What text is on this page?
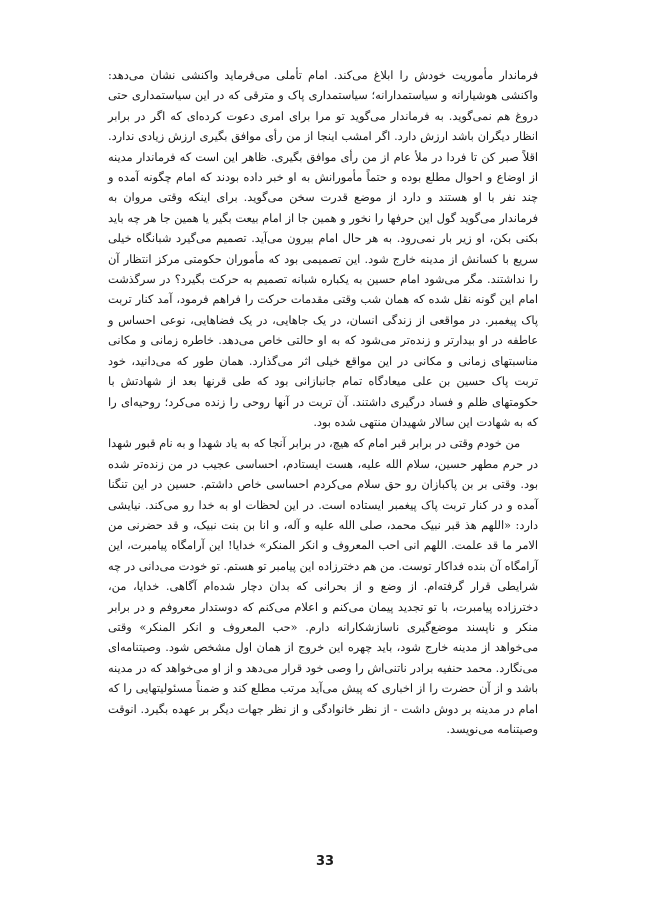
فرماندار مأموریت خودش را ابلاغ می‌کند. امام تأملی می‌فرماید واکنشی نشان می‌دهد: واکنشی هوشیارانه و سیاستمدارانه؛ سیاستمداری پاک و مترقی که در این سیاستمداری حتی دروغ هم نمی‌گوید. به فرماندار می‌گوید تو مرا برای امری دعوت کرده‌ای که اگر در برابر انظار دیگران باشد ارزش دارد. اگر امشب اینجا از من رأی موافق بگیری ارزش زیادی ندارد. اقلاً صبر کن تا فردا در ملأ عام از من رأی موافق بگیری. ظاهر این است که فرماندار مدینه از اوضاع و احوال مطلع بوده و حتماً مأمورانش به او خبر داده بودند که امام چگونه آمده و چند نفر با او هستند و دارد از موضع قدرت سخن می‌گوید. برای اینکه وقتی مروان به فرماندار می‌گوید گول این حرفها را نخور و همین جا از امام بیعت بگیر یا همین جا هر چه باید بکنی بکن، او زیر بار نمی‌رود. به هر حال امام بیرون می‌آید. تصمیم می‌گیرد شبانگاه خیلی سریع با کسانش از مدینه خارج شود. این تصمیمی بود که مأموران حکومتی مرکز انتظار آن را نداشتند. مگر می‌شود امام حسین به یکباره شبانه تصمیم به حرکت بگیرد؟ در سرگذشت امام این گونه نقل شده که همان شب وقتی مقدمات حرکت را فراهم فرمود، آمد کنار تربت پاک پیغمبر. در مواقعی از زندگی انسان، در یک جاهایی، در یک فضاهایی، نوعی احساس و عاطفه در او بیدارتر و زنده‌تر می‌شود که به او حالتی خاص می‌دهد. خاطره زمانی و مکانی مناسبتهای زمانی و مکانی در این مواقع خیلی اثر می‌گذارد. همان طور که می‌دانید، خود تربت پاک حسین بن علی میعادگاه تمام جانبازانی بود که طی قرنها بعد از شهادتش با حکومتهای ظلم و فساد درگیری داشتند. آن تربت در آنها روحی را زنده می‌کرد؛ روحیه‌ای را که به شهادت این سالار شهیدان منتهی شده بود.

من خودم وقتی در برابر قبر امام که هیچ، در برابر آنجا که به یاد شهدا و به نام قبور شهدا در حرم مطهر حسین، سلام الله علیه، هست ایستادم، احساسی عجیب در من زنده‌تر شده بود. وقتی بر بن پاکبازان رو حق سلام می‌کردم احساسی خاص داشتم. حسین در این تنگنا آمده و در کنار تربت پاک پیغمبر ایستاده است. در این لحظات او به خدا رو می‌کند. نیایشی دارد: «اللهم هذ قبر نبیک محمد، صلی الله علیه و آله، و انا بن بنت نبیک، و قد حضرنی من الامر ما قد علمت. اللهم انی احب المعروف و انکر المنکر» خدایا! این آرامگاه پیامبرت، این آرامگاه آن بنده فداکار توست. من هم دخترزاده این پیامبر تو هستم. تو خودت می‌دانی در چه شرایطی قرار گرفته‌ام. از وضع و از بحرانی که بدان دچار شده‌ام آگاهی. خدایا، من، دخترزاده پیامبرت، با تو تجدید پیمان می‌کنم و اعلام می‌کنم که دوستدار معروفم و در برابر منکر و ناپسند موضع‌گیری ناسازشکارانه دارم. «حب المعروف و انکر المنکر» وقتی می‌خواهد از مدینه خارج شود، باید چهره این خروج از همان اول مشخص شود. وصیتنامه‌ای می‌نگارد. محمد حنفیه برادر ناتنی‌اش را وصی خود قرار می‌دهد و از او می‌خواهد که در مدینه باشد و از آن حضرت را از اخباری که پیش می‌آید مرتب مطلع کند و ضمناً مسئولیتهایی را که امام در مدینه بر دوش داشت - از نظر خانوادگی و از نظر جهات دیگر بر عهده بگیرد. انوقت وصیتنامه می‌نویسد.

33
